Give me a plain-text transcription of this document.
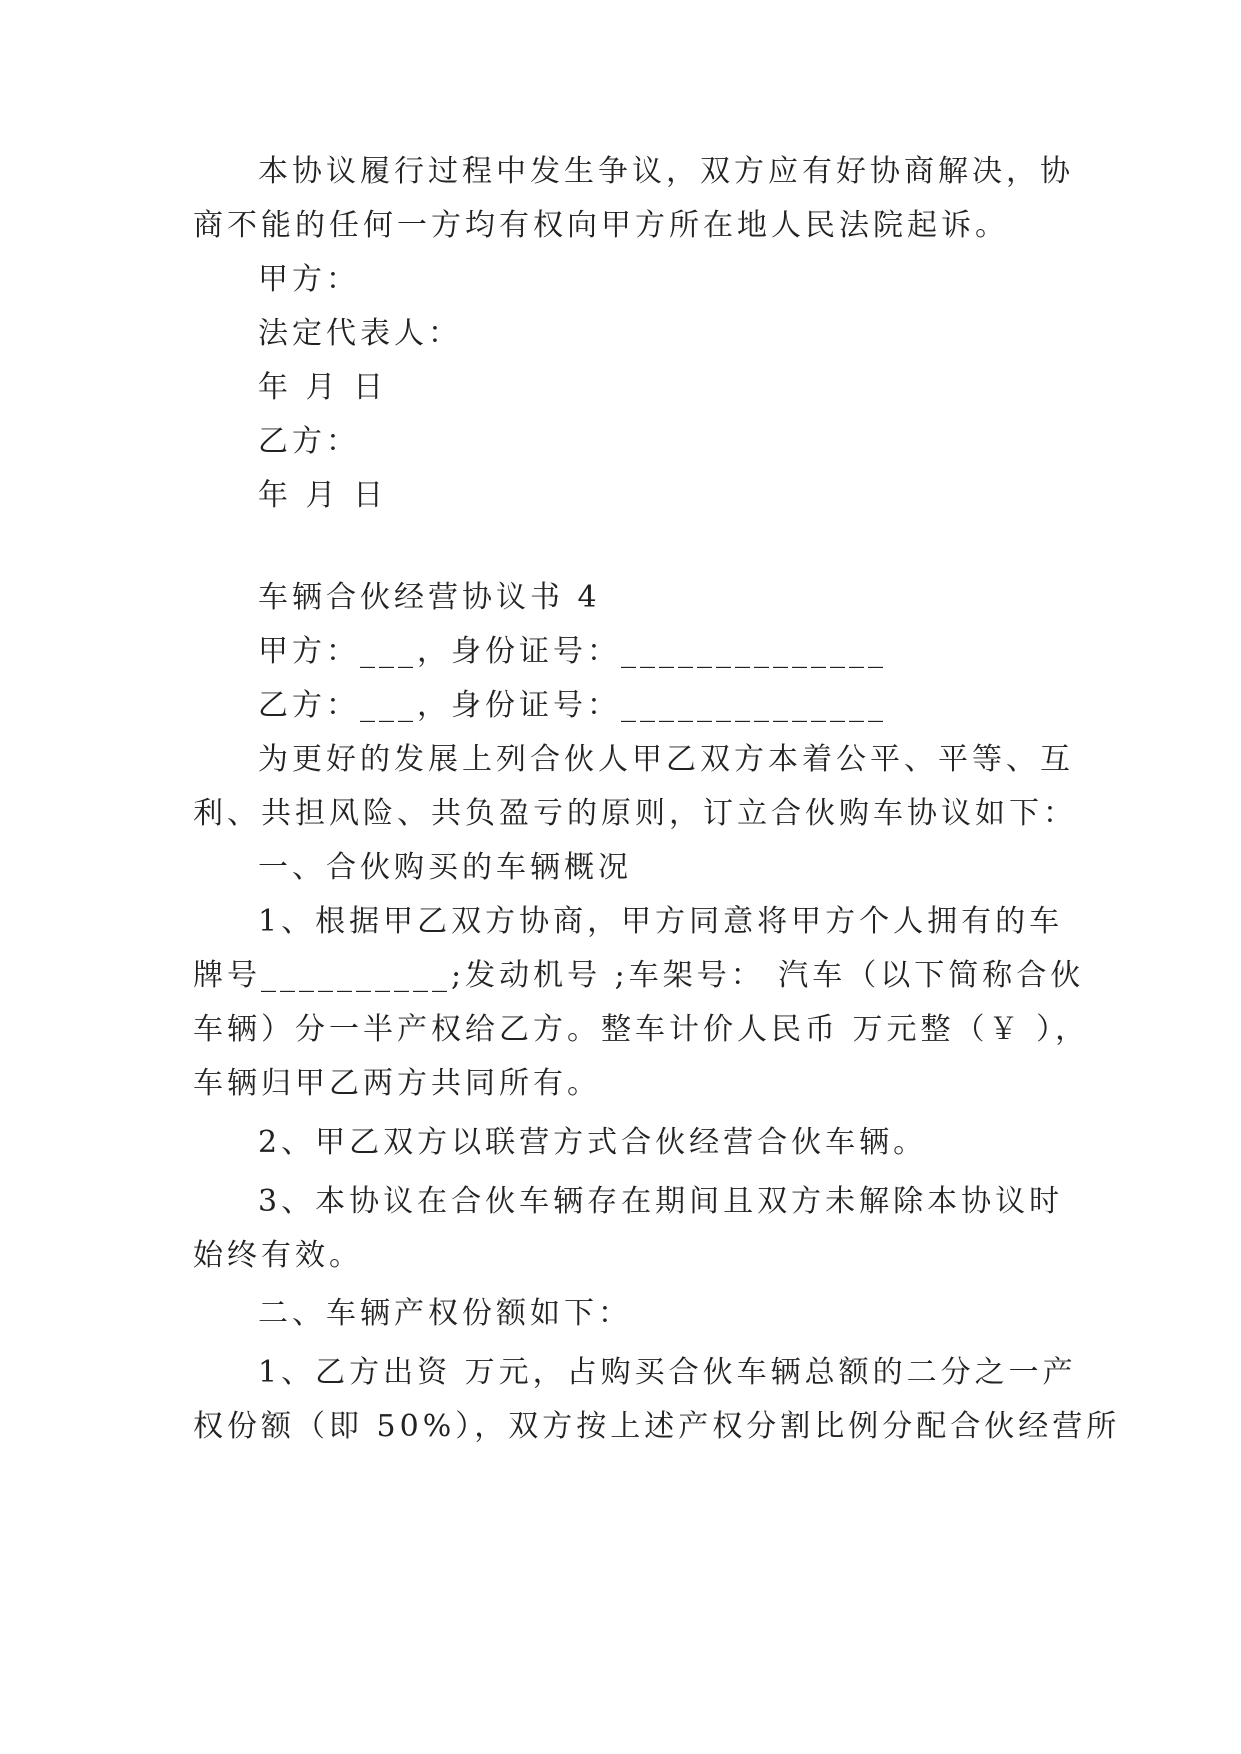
本协议履行过程中发生争议，双方应有好协商解决，协
商不能的任何一方均有权向甲方所在地人民法院起诉。
甲方：
法定代表人：
年 月 日
乙方：
年 月 日
车辆合伙经营协议书 4
甲方：___，身份证号：______________
乙方：___，身份证号：______________
为更好的发展上列合伙人甲乙双方本着公平、平等、互
利、共担风险、共负盈亏的原则，订立合伙购车协议如下：
一、合伙购买的车辆概况
1、根据甲乙双方协商，甲方同意将甲方个人拥有的车
牌号__________;发动机号 ;车架号： 汽车（以下简称合伙
车辆）分一半产权给乙方。整车计价人民币 万元整（￥ ），
车辆归甲乙两方共同所有。
2、甲乙双方以联营方式合伙经营合伙车辆。
3、本协议在合伙车辆存在期间且双方未解除本协议时
始终有效。
二、车辆产权份额如下：
1、乙方出资 万元，占购买合伙车辆总额的二分之一产
权份额（即 50%），双方按上述产权分割比例分配合伙经营所
